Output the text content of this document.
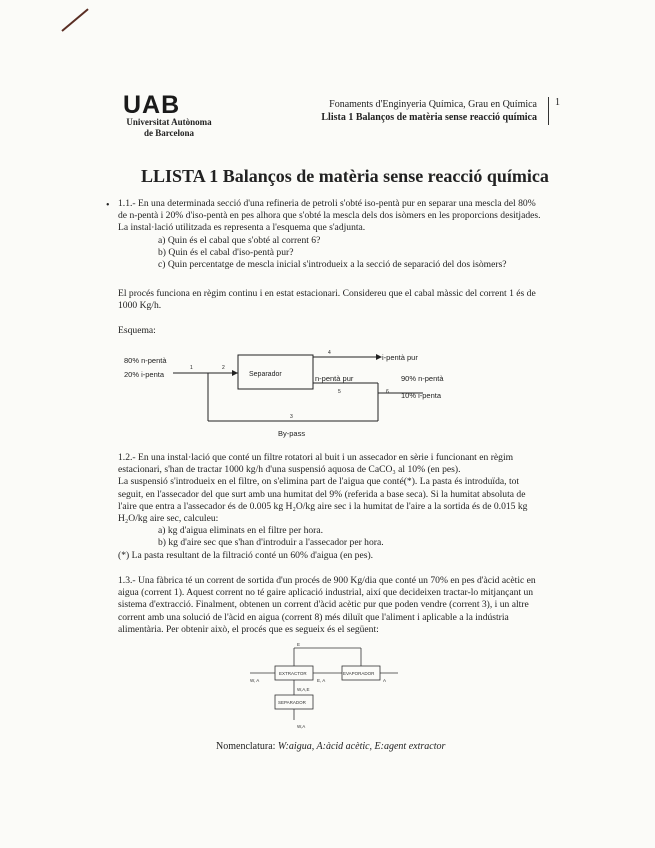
UAB
Universitat Autònoma
de Barcelona
Fonaments d'Enginyeria Química, Grau en Química
Llista 1 Balanços de matèria sense reacció química
1
LLISTA 1 Balanços de matèria sense reacció química
1.1.- En una determinada secció d'una refineria de petroli s'obté iso-pentà pur en separar una mescla del 80% de n-pentà i 20% d'iso-pentà en pes alhora que s'obté la mescla dels dos isòmers en les proporcions desitjades. La instal·lació utilitzada es representa a l'esquema que s'adjunta.
a) Quin és el cabal que s'obté al corrent 6?
b) Quin és el cabal d'iso-pentà pur?
c) Quin percentatge de mescla inicial s'introdueix a la secció de separació del dos isòmers?
•
El procés funciona en règim continu i en estat estacionari. Considereu que el cabal màssic del corrent 1 és de 1000 Kg/h.
Esquema:
80% n-pentà
20% i-penta	Separador
i-pentà pur
n-pentà pur	90% n-pentà
10% i-penta
By-pass
1	2
3
4
5	6
1.2.- En una instal·lació que conté un filtre rotatori al buit i un assecador en sèrie i funcionant en règim estacionari, s'han de tractar 1000 kg/h d'una suspensió aquosa de CaCO₃ al 10% (en pes).
La suspensió s'introdueix en el filtre, on s'elimina part de l'aigua que conté(*). La pasta és introduïda, tot seguit, en l'assecador del que surt amb una humitat del 9% (referida a base seca). Si la humitat absoluta de l'aire que entra a l'assecador és de 0.005 kg H₂O/kg aire sec i la humitat de l'aire a la sortida és de 0.015 kg H₂O/kg aire sec, calculeu:
a) kg d'aigua eliminats en el filtre per hora.
b) kg d'aire sec que s'han d'introduir a l'assecador per hora.
(*) La pasta resultant de la filtració conté un 60% d'aigua (en pes).
1.3.- Una fàbrica té un corrent de sortida d'un procés de 900 Kg/dia que conté un 70% en pes d'àcid acètic en aigua (corrent 1). Aquest corrent no té gaire aplicació industrial, així que decideixen tractar-lo mitjançant un sistema d'extracció. Finalment, obtenen un corrent d'àcid acètic pur que poden vendre (corrent 3), i un altre corrent amb una solució de l'àcid en aigua (corrent 8) més diluït que l'aliment i aplicable a la indústria alimentària. Per obtenir això, el procés que es segueix és el següent:
EXTRACTOR	EVAPORADOR
SEPARADOR
W, A	E, A	A
E
W,A,E
W,A
Nomenclatura: W:aigua, A:àcid acètic, E:agent extractor
